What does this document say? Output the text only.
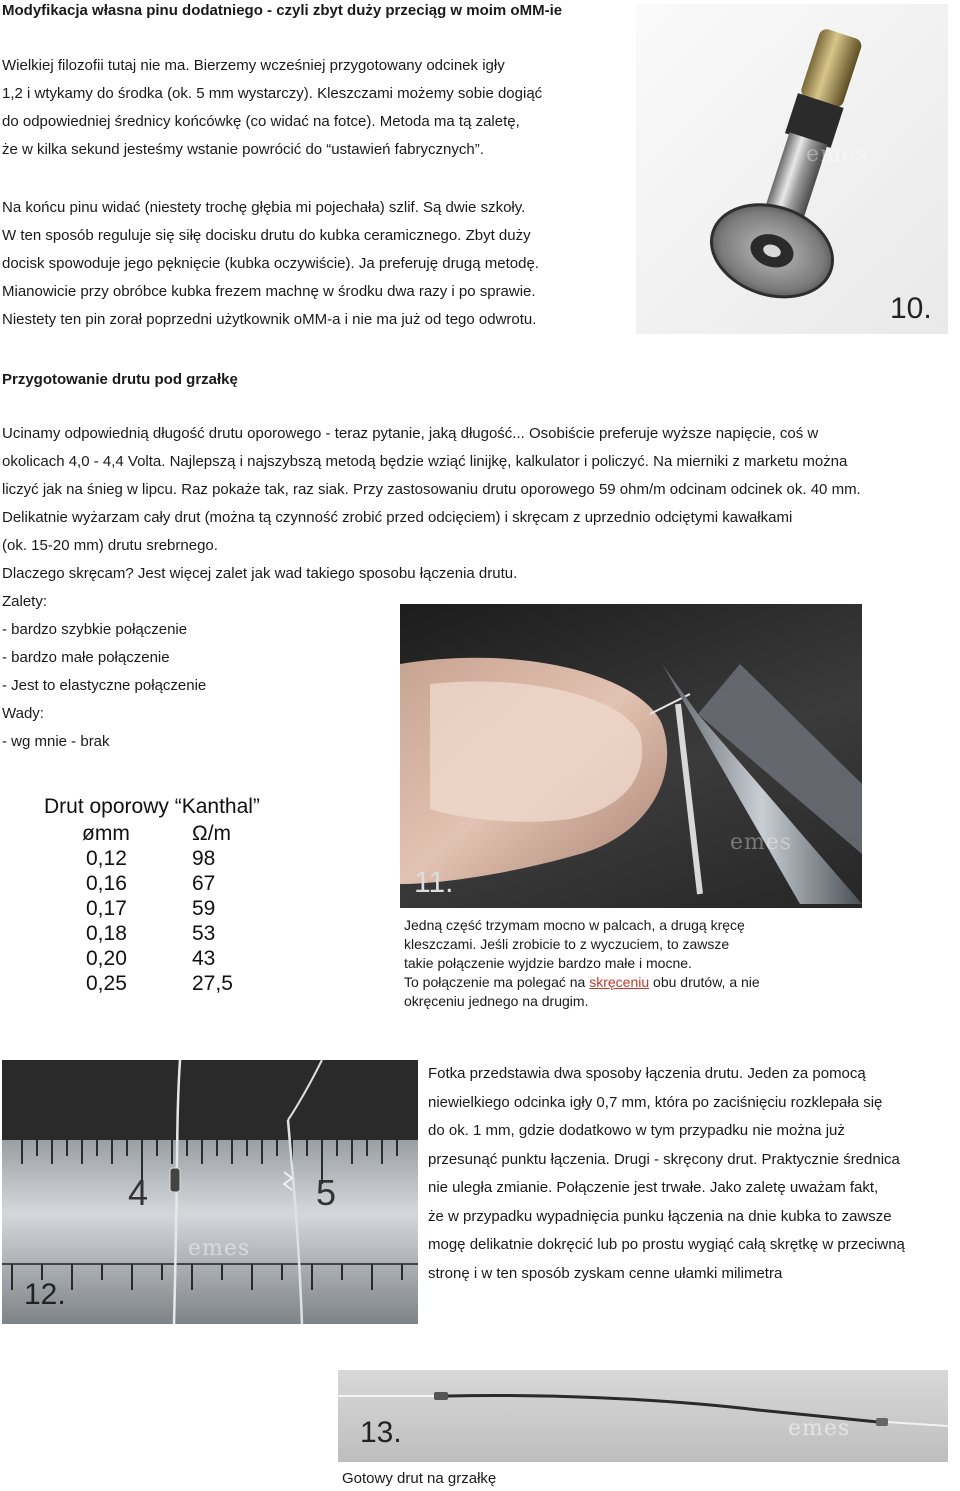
Modyfikacja własna pinu dodatniego - czyli zbyt duży przeciąg w moim oMM-ie
Wielkiej filozofii tutaj nie ma. Bierzemy wcześniej przygotowany odcinek igły
1,2 i wtykamy do środka (ok. 5 mm wystarczy). Kleszczami możemy sobie dogiąć
do odpowiedniej średnicy końcówkę (co widać na fotce). Metoda ma tą zaletę,
że w kilka sekund jesteśmy wstanie powrócić do “ustawień fabrycznych”.
Na końcu pinu widać (niestety trochę głębia mi pojechała) szlif. Są dwie szkoły.
W ten sposób reguluje się siłę docisku drutu do kubka ceramicznego. Zbyt duży
docisk spowoduje jego pęknięcie (kubka oczywiście). Ja preferuję drugą metodę.
Mianowicie przy obróbce kubka frezem machnę w środku dwa razy i po sprawie.
Niestety ten pin zorał poprzedni użytkownik oMM-a i nie ma już od tego odwrotu.
emes
10.
Przygotowanie drutu pod grzałkę
Ucinamy odpowiednią długość drutu oporowego - teraz pytanie, jaką długość... Osobiście preferuje wyższe napięcie, coś w
okolicach 4,0 - 4,4 Volta. Najlepszą i najszybszą metodą będzie wziąć linijkę, kalkulator i policzyć. Na mierniki z marketu można
liczyć jak na śnieg w lipcu. Raz pokaże tak, raz siak. Przy zastosowaniu drutu oporowego 59 ohm/m odcinam odcinek ok. 40 mm.
Delikatnie wyżarzam cały drut (można tą czynność zrobić przed odcięciem) i skręcam z uprzednio odciętymi kawałkami
(ok. 15-20 mm) drutu srebrnego.
Dlaczego skręcam? Jest więcej zalet jak wad takiego sposobu łączenia drutu.
Zalety:
- bardzo szybkie połączenie
- bardzo małe połączenie
- Jest to elastyczne połączenie
Wady:
- wg mnie - brak
Drut oporowy “Kanthal”
ømm	Ω/m
0,12	98
0,16	67
0,17	59
0,18	53
0,20	43
0,25	27,5
emes
11.
Jedną część trzymam mocno w palcach, a drugą kręcę
kleszczami. Jeśli zrobicie to z wyczuciem, to zawsze
takie połączenie wyjdzie bardzo małe i mocne.
To połączenie ma polegać na skręceniu obu drutów, a nie
okręceniu jednego na drugim.
4	5
emes
12.
Fotka przedstawia dwa sposoby łączenia drutu. Jeden za pomocą
niewielkiego odcinka igły 0,7 mm, która po zaciśnięciu rozklepała się
do ok. 1 mm, gdzie dodatkowo w tym przypadku nie można już
przesunąć punktu łączenia. Drugi - skręcony drut. Praktycznie średnica
nie uległa zmianie. Połączenie jest trwałe. Jako zaletę uważam fakt,
że w przypadku wypadnięcia punku łączenia na dnie kubka to zawsze
mogę delikatnie dokręcić lub po prostu wygiąć całą skrętkę w przeciwną
stronę i w ten sposób zyskam cenne ułamki milimetra
emes
13.
Gotowy drut na grzałkę
